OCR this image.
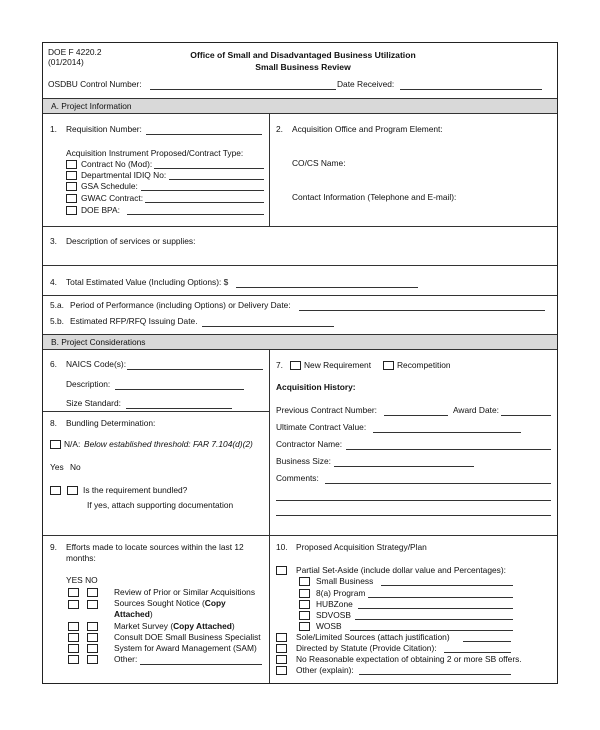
DOE F 4220.2
(01/2014)
Office of Small and Disadvantaged Business Utilization
Small Business Review
OSDBU Control Number:	Date Received:
A. Project Information
1. Requisition Number:
Acquisition Instrument Proposed/Contract Type:
Contract No (Mod):
Departmental IDIQ No:
GSA Schedule:
GWAC Contract:
DOE BPA:
2. Acquisition Office and Program Element:
CO/CS Name:
Contact Information (Telephone and E-mail):
3. Description of services or supplies:
4. Total Estimated Value (Including Options): $
5.a. Period of Performance (including Options) or Delivery Date:
5.b. Estimated RFP/RFQ Issuing Date.
B. Project Considerations
6. NAICS Code(s):
Description:
Size Standard:
8. Bundling Determination:
N/A: Below established threshold: FAR 7.104(d)(2)
Yes No
Is the requirement bundled?
If yes, attach supporting documentation
7.	New Requirement	Recompetition
Acquisition History:
Previous Contract Number:	Award Date:
Ultimate Contract Value:
Contractor Name:
Business Size:
Comments:
9. Efforts made to locate sources within the last 12
months:
YES NO
Review of Prior or Similar Acquisitions
Sources Sought Notice (Copy
Attached)
Market Survey (Copy Attached)
Consult DOE Small Business Specialist
System for Award Management (SAM)
Other:
10. Proposed Acquisition Strategy/Plan
Partial Set-Aside (include dollar value and Percentages):
Small Business
8(a) Program
HUBZone
SDVOSB
WOSB
Sole/Limited Sources (attach justification)
Directed by Statute (Provide Citation):
No Reasonable expectation of obtaining 2 or more SB offers.
Other (explain):
